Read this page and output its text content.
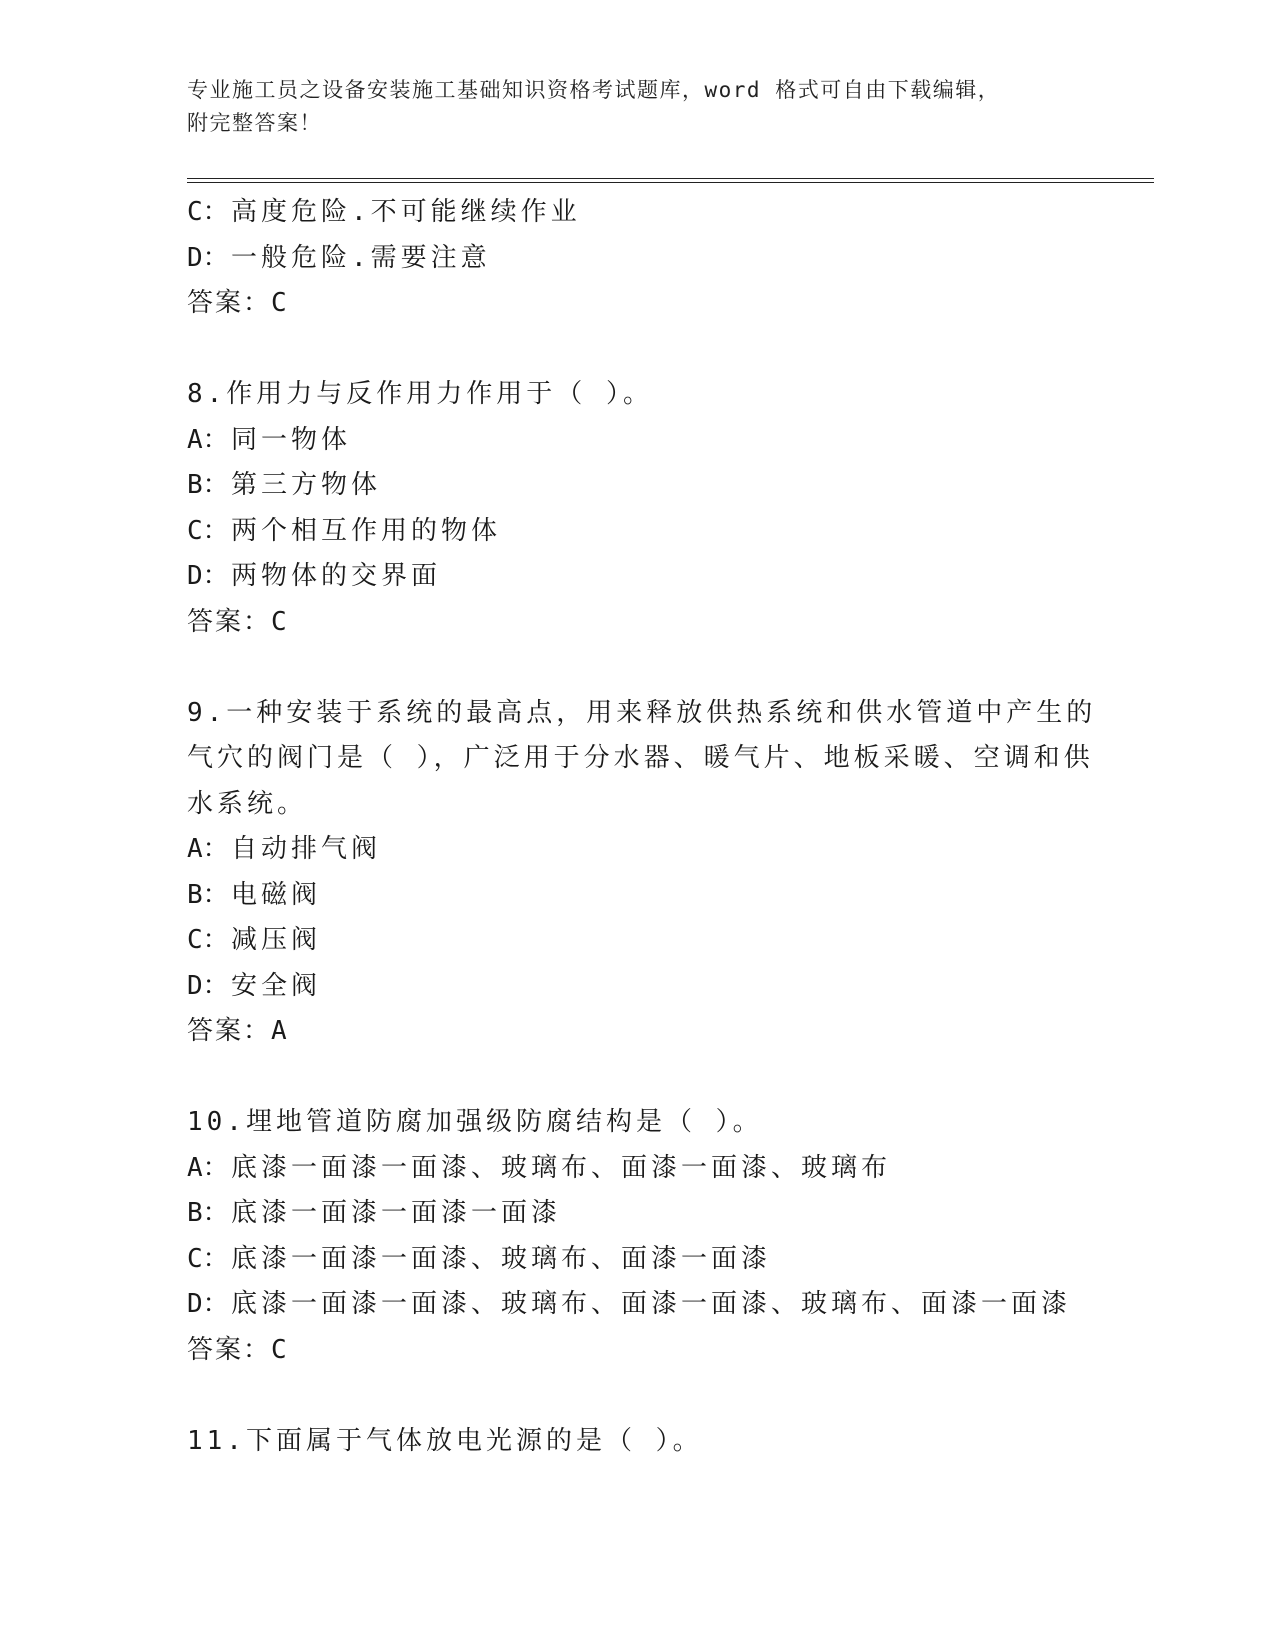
专业施工员之设备安装施工基础知识资格考试题库，word 格式可自由下载编辑，
附完整答案！
C：高度危险.不可能继续作业
D：一般危险.需要注意
答案：C
8.作用力与反作用力作用于（ ）。
A：同一物体
B：第三方物体
C：两个相互作用的物体
D：两物体的交界面
答案：C
9.一种安装于系统的最高点，用来释放供热系统和供水管道中产生的
气穴的阀门是（ ），广泛用于分水器、暖气片、地板采暖、空调和供
水系统。
A：自动排气阀
B：电磁阀
C：减压阀
D：安全阀
答案：A
10.埋地管道防腐加强级防腐结构是（ ）。
A：底漆一面漆一面漆、玻璃布、面漆一面漆、玻璃布
B：底漆一面漆一面漆一面漆
C：底漆一面漆一面漆、玻璃布、面漆一面漆
D：底漆一面漆一面漆、玻璃布、面漆一面漆、玻璃布、面漆一面漆
答案：C
11.下面属于气体放电光源的是（ ）。
